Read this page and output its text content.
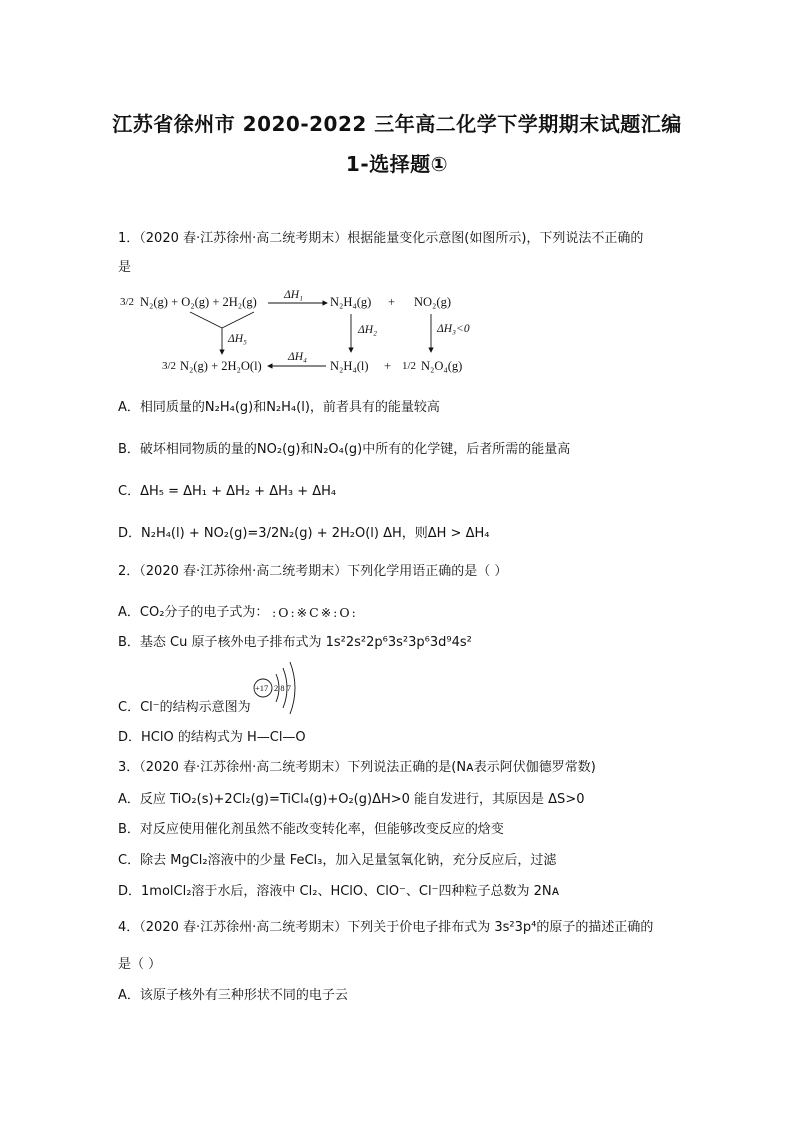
江苏省徐州市 2020-2022 三年高二化学下学期期末试题汇编
1-选择题①
1．（2020 春·江苏徐州·高二统考期末）根据能量变化示意图(如图所示)，下列说法不正确的
是
3/2 N₂(g) + O₂(g) + 2H₂(g) ΔH₁ N₂H₄(g) + NO₂(g)
ΔH₅
ΔH₂	ΔH₃<0
3/2 N₂(g) + 2H₂O(l)
ΔH₄
N₂H₄(l) + 1/2 N₂O₄(g)
A．相同质量的N₂H₄(g)和N₂H₄(l)，前者具有的能量较高
B．破坏相同物质的量的NO₂(g)和N₂O₄(g)中所有的化学键，后者所需的能量高
C．ΔH₅ = ΔH₁ + ΔH₂ + ΔH₃ + ΔH₄
D．N₂H₄(l) + NO₂(g)=3/2N₂(g) + 2H₂O(l) ΔH，则ΔH > ΔH₄
2．（2020 春·江苏徐州·高二统考期末）下列化学用语正确的是（ ）
A．CO₂分子的电子式为： :O:※C※:O:
B．基态 Cu 原子核外电子排布式为 1s²2s²2p⁶3s²3p⁶3d⁹4s²
+17 2 8 7
C．Cl⁻的结构示意图为
D．HClO 的结构式为 H—Cl—O
3．（2020 春·江苏徐州·高二统考期末）下列说法正确的是(Nᴀ表示阿伏伽德罗常数)
A．反应 TiO₂(s)+2Cl₂(g)=TiCl₄(g)+O₂(g)ΔH>0 能自发进行，其原因是 ΔS>0
B．对反应使用催化剂虽然不能改变转化率，但能够改变反应的焓变
C．除去 MgCl₂溶液中的少量 FeCl₃，加入足量氢氧化钠，充分反应后，过滤
D．1molCl₂溶于水后，溶液中 Cl₂、HClO、ClO⁻、Cl⁻四种粒子总数为 2Nᴀ
4．（2020 春·江苏徐州·高二统考期末）下列关于价电子排布式为 3s²3p⁴的原子的描述正确的
是（ ）
A．该原子核外有三种形状不同的电子云
